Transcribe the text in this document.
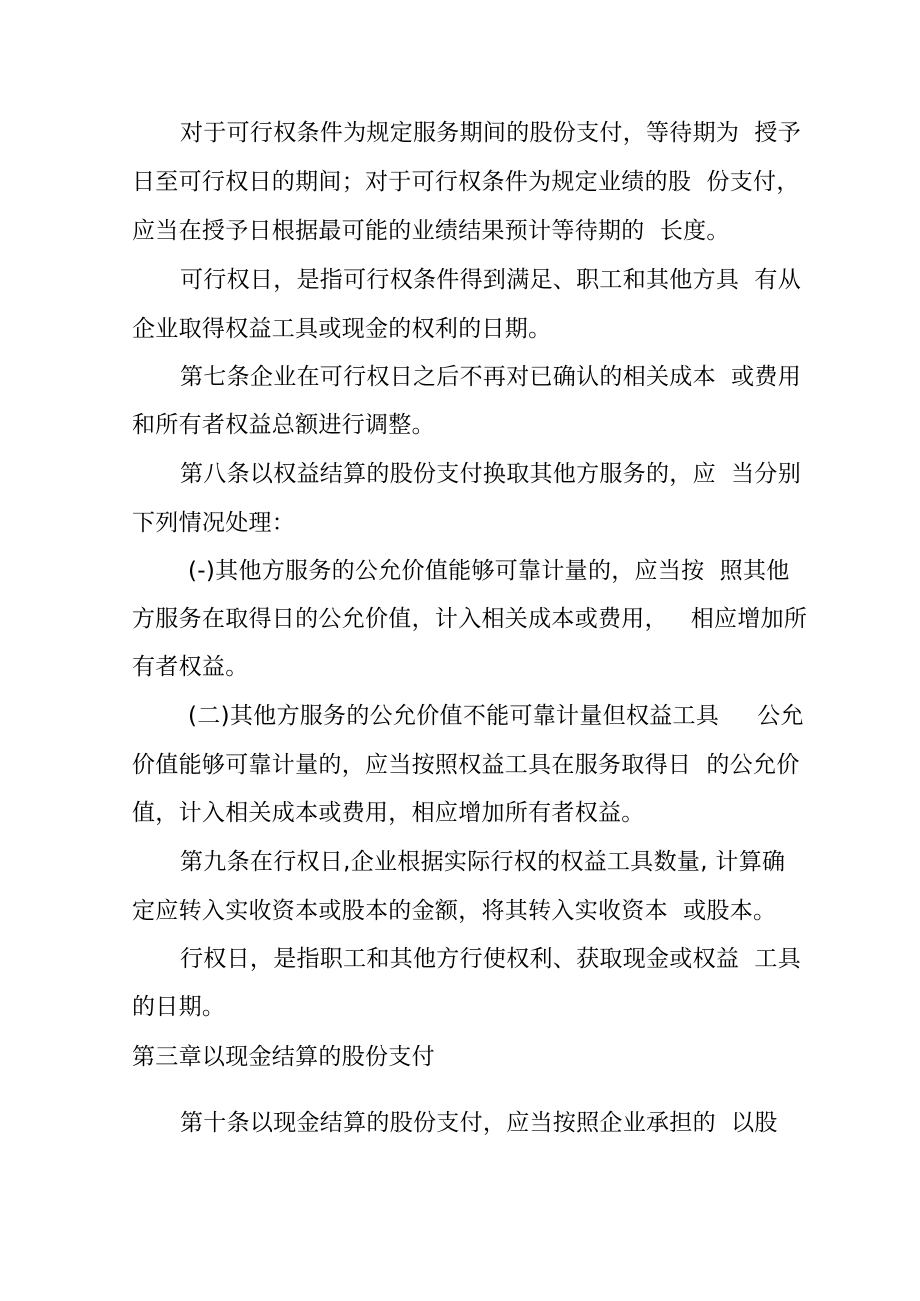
对于可行权条件为规定服务期间的股份支付，等待期为  授予
日至可行权日的期间；对于可行权条件为规定业绩的股  份支付，
应当在授予日根据最可能的业绩结果预计等待期的  长度。
可行权日，是指可行权条件得到满足、职工和其他方具  有从
企业取得权益工具或现金的权利的日期。
第七条企业在可行权日之后不再对已确认的相关成本  或费用
和所有者权益总额进行调整。
第八条以权益结算的股份支付换取其他方服务的，应  当分别
下列情况处理：
(-)其他方服务的公允价值能够可靠计量的，应当按  照其他
方服务在取得日的公允价值，计入相关成本或费用，   相应增加所
有者权益。
(二)其他方服务的公允价值不能可靠计量但权益工具     公允
价值能够可靠计量的，应当按照权益工具在服务取得日  的公允价
值，计入相关成本或费用，相应增加所有者权益。
第九条在行权日,企业根据实际行权的权益工具数量, 计算确
定应转入实收资本或股本的金额，将其转入实收资本  或股本。
行权日，是指职工和其他方行使权利、获取现金或权益  工具
的日期。
第三章以现金结算的股份支付
第十条以现金结算的股份支付，应当按照企业承担的  以股
